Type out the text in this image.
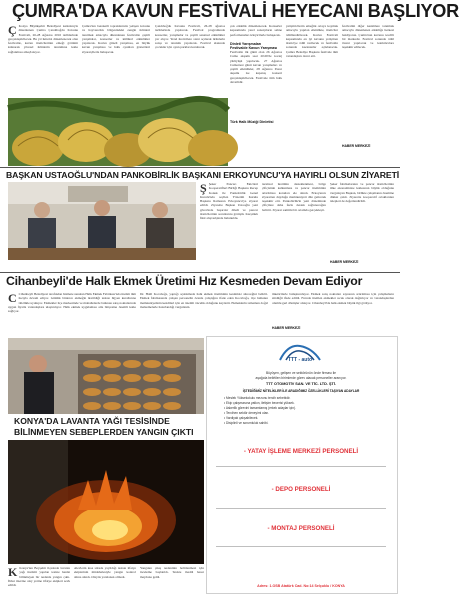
ÇUMRA'DA KAVUN FESTİVALİ HEYECANI BAŞLIYOR
Ç Konya Büyükşehir Belediyesi katkılarıyla düzenlenen Çumra Çandıboğdu Kavunu Festivali, 26-28 Ağustos 2016 tarihlerinde gerçekleştirilecek. Bu yıl ikincisi düzenlenecek olan festivalde, kavun üreticilerinin emeği görünür kılınarak yöresel ürünlerin tanıtımına katkı sağlanması amaçlanıyor.
Çumra'nın bereketli topraklarında yetişen kavunu ve hayvancılık bölgesindeki zengin ürünleri tanıtmak amacıyla düzenlenen festivalde çeşitli yarışmalar, konserler ve kültürel etkinlikler yapılacak. Kavun güzeli yarışması, en büyük kavun yarışması ve halk oyunları gösterileri ziyaretçilerle buluşacak.
Çandıboğdu Kavunu Festivali, 26-28 ağustos tarihlerinde yapılacak. Festival programında konserler, yarışmalar ve çeşitli sanatsal etkinlikler yer alıyor. Yerel üreticilere stant açılarak ürünlerin satışı ve tanıtımı yapılacak. Festival alanında çocuklar için oyun parkları kurulacak.
çok etkinlik düzenlenecek. Konserler kapsamında yerel sanatçıların sahne performansları izleyicilerle buluşacak.
Dinleti Yarışmaları
Festivalde Kavun Yarışması
Festivalin ilk günü olan 26 Ağustos Cuma akşamı saat 20.00'de kortej yürüyüşü yapılacak. 27 Ağustos Cumartesi günü kavun yarışmaları ve çeşitli etkinlikler, 28 Ağustos Pazar akşamı ise kapanış konseri gerçekleştirilecek. Festivale tüm halk davetlidir.
Türk Halk Müziği Dinletisi
yetiştiricilerin emeğini ortaya koymak amacıyla yapılan etkinlikte, üreticiler ödüllendirilecek. Kavun Festivali kapsamında en iyi kavunu yetiştiren üreticiye ödül verilecek ve festivalin sonunda kazananlar açıklanacak. Çumra Belediye Başkanı festivale tüm vatandaşları davet etti.
festivalini diğer kesimlere tanıtmak amacıyla düzenlenen etkinliğe herkesi bekliyoruz. Çumra'nın kavunu tescilli bir markadır. Festival sonunda ödül töreni yapılacak ve katılımcılara teşekkür edilecek.
HABER MERKEZİ
BAŞKAN USTAOĞLU'NDAN PANKOBİRLİK BAŞKANI ERKOYUNCU'YA HAYIRLI OLSUN ZİYARETİ
Ş Şeker Pancarı Ekicileri Kooperatifleri Birliği Başkanı Recep Konuk ile Pankobirlik Genel Kurulu'nda seçilen Yönetim Kurulu Başkanı Ramazan Erkoyuncu'ya ziyaret edildi. Ziyarette Başkan Ustaoğlu yeni görevinde başarılar diledi ve pancar üreticilerinin sorunlarını görüştü. Karşılıklı fikir alışverişinde bulunuldu.
tarımsal üretimin desteklenmesi, bölge çiftçisinin kalkınması ve pancar üretiminin artırılması konuları ele alındı. Erkoyuncu ziyaretten duyduğu memnuniyeti dile getirerek teşekkür etti. Pankobirlik'in yeni döneminde çiftçilere daha fazla destek sağlanacağını belirtti. Ziyaret samimi bir ortamda gerçekleşti.
Şeker fabrikalarının ve pancar üreticilerinin ülke ekonomisine katkısının büyük olduğunu vurgulayan Başkan, birlikte çalışmanın önemine dikkat çekti. Ziyarette kooperatif ortaklarının talepleri de değerlendirildi.
HABER MERKEZİ
Cihanbeyli'de Halk Ekmek Üretimi Hız Kesmeden Devam Ediyor
C Cihanbeyli Belediyesi tarafından hizmete sunulan Halk Ekmek Fabrikası'nda üretim tüm hızıyla devam ediyor. Günlük binlerce ekmeğin üretildiği tesiste hijyen kurallarına titizlikle uyuluyor. Ekmekler ilçe merkezinde ve mahallelerde bulunan satış noktalarında uygun fiyatla vatandaşlara ulaştırılıyor. Halk ekmek uygulaması aile bütçesine önemli katkı sağlıyor.
Dr. Halil Kocaboğa, yaptığı açıklamada halk ekmek üretiminin kesintisiz süreceğini belirtti. Ekmek fabrikasında çalışan personelin özenle çalıştığını ifade eden Kocaboğa, ilçe halkının memnuniyetinin kendileri için en önemli öncelik olduğunu kaydetti. Ekmeklerin tamamen doğal malzemelerle hazırlandığı vurgulandı.
tüketicilerle buluşturuluyor. Ekmek satış noktaları sayısının artırılması için çalışmaların sürdüğü ifade edildi. Fırında üretilen ekmekler sıcak olarak dağıtılıyor ve vatandaşlardan olumlu geri dönüşler alınıyor. Cihanbeyli'de halk ekmek büyük ilgi görüyor.
HABER MERKEZİ
KONYA'DA LAVANTA YAĞI TESİSİNDE
BİLİNMEYEN SEBEPLERDEN YANGIN ÇIKTI
K Konya'nın Beyşehir ilçesinde lavanta yağı üretimi yapılan tesiste henüz bilinmeyen bir nedenle yangın çıktı. İhbar üzerine olay yerine itfaiye ekipleri sevk edildi.
Alevlerin kısa sürede yayıldığı tesiste itfaiye ekiplerinin müdahalesiyle yangın kontrol altına alındı. Olayda yaralanan olmadı.
Yangının çıkış nedeninin belirlenmesi için inceleme başlatıldı. Tesiste maddi hasar meydana geldi.
TTT - auto
Büyüyen, gelişen ve sektörünün önde firması ile
aşağıda belirtilen birimlerde görev alacak personeller aranıyor.
TTT OTOMOTİV SAN. VE TİC. LTD. ŞTİ.
İŞTEDİĞİMİZ NİTELİKLER İLE ARADIĞIMIZ ÖZELLİKLERİ TAŞIYAN ADAYLAR
• Meslek Yüksekokulu mezunu tercih sebebidir.
• Ekip çalışmasına yatkın, iletişim becerisi yüksek.
• Askerlik görevini tamamlamış (erkek adaylar için).
• Tercihen sektör deneyimi olan.
• Vardiyalı çalışabilecek.
• Disiplinli ve sorumluluk sahibi.
- YATAY İŞLEME MERKEZİ PERSONELİ
- DEPO PERSONELİ
- MONTAJ PERSONELİ
Adres: 1.OSB Atatürk Cad. No:14 Selçuklu / KONYA
